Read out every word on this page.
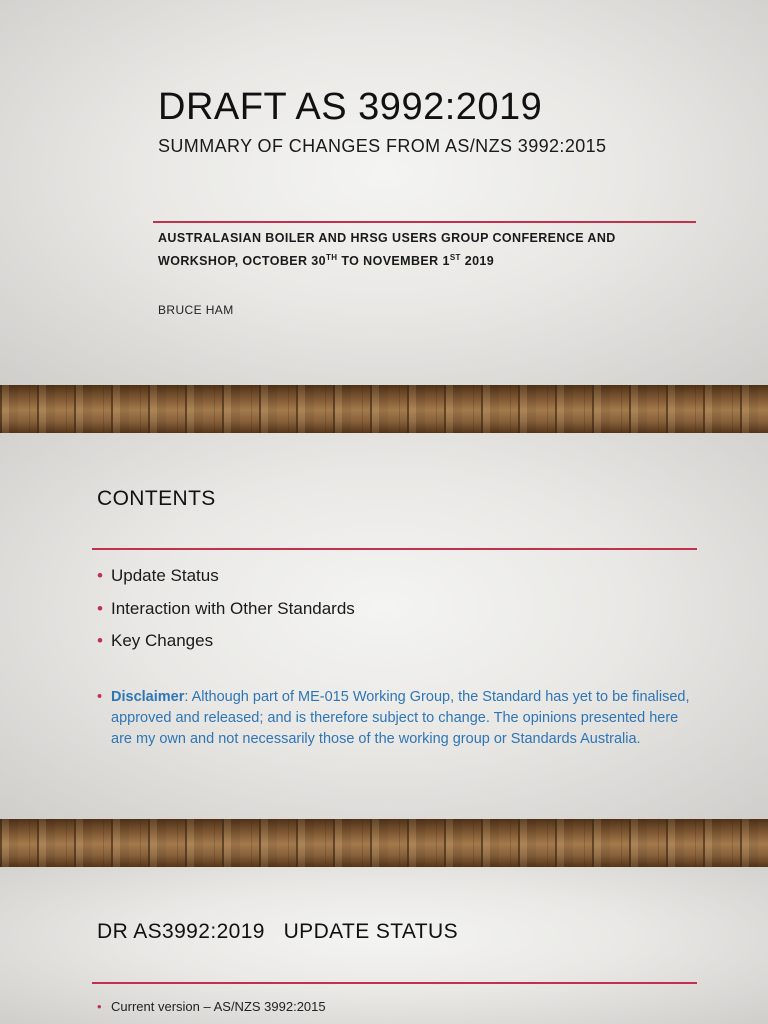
DRAFT AS 3992:2019
SUMMARY OF CHANGES FROM AS/NZS 3992:2015
AUSTRALASIAN BOILER AND HRSG USERS GROUP CONFERENCE AND WORKSHOP, OCTOBER 30TH TO NOVEMBER 1ST 2019
BRUCE HAM
CONTENTS
• Update Status
• Interaction with Other Standards
• Key Changes
• Disclaimer: Although part of ME-015 Working Group, the Standard has yet to be finalised, approved and released; and is therefore subject to change. The opinions presented here are my own and not necessarily those of the working group or Standards Australia.
DR AS3992:2019   UPDATE STATUS
• Current version – AS/NZS 3992:2015
